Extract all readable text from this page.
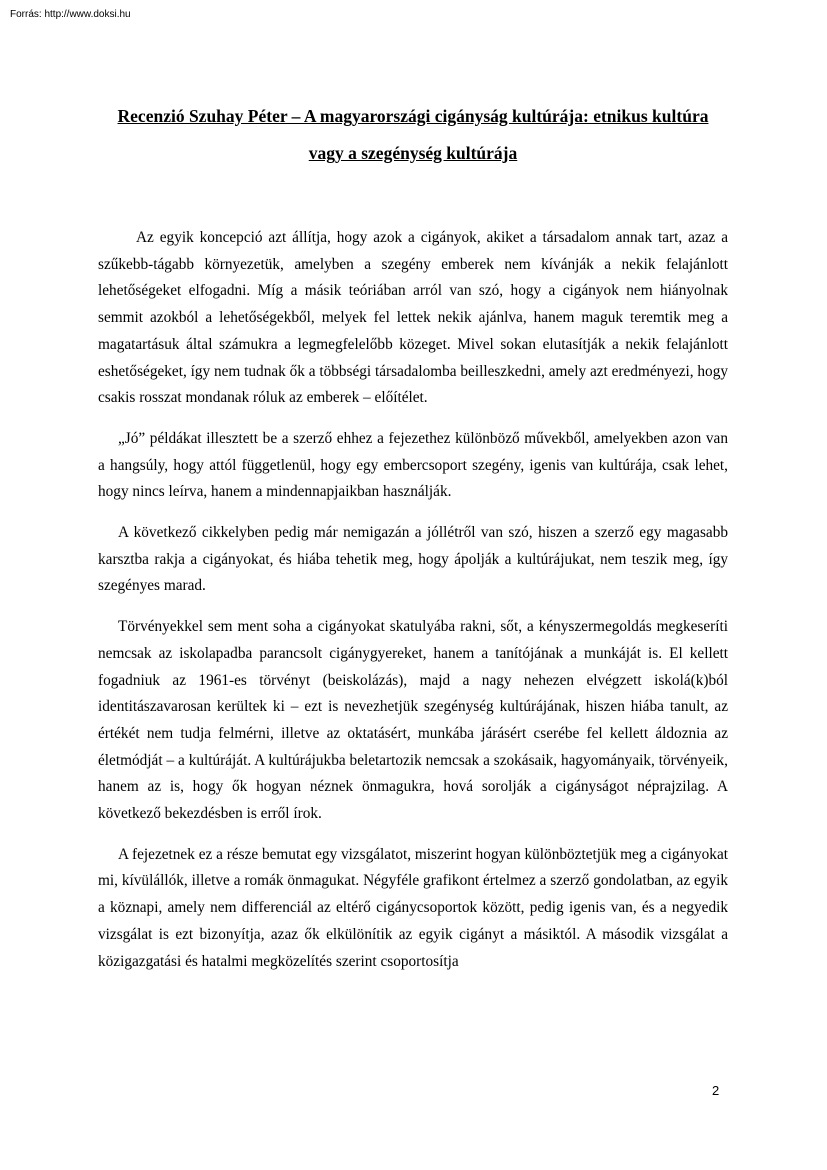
Forrás: http://www.doksi.hu

Recenzió Szuhay Péter – A magyarországi cigányság kultúrája: etnikus kultúra vagy a szegénység kultúrája

Az egyik koncepció azt állítja, hogy azok a cigányok, akiket a társadalom annak tart, azaz a szűkebb-tágabb környezetük, amelyben a szegény emberek nem kívánják a nekik felajánlott lehetőségeket elfogadni. Míg a másik teóriában arról van szó, hogy a cigányok nem hiányolnak semmit azokból a lehetőségekből, melyek fel lettek nekik ajánlva, hanem maguk teremtik meg a magatartásuk által számukra a legmegfelelőbb közeget. Mivel sokan elutasítják a nekik felajánlott eshetőségeket, így nem tudnak ők a többségi társadalomba beilleszkedni, amely azt eredményezi, hogy csakis rosszat mondanak róluk az emberek – előítélet.

„Jó” példákat illesztett be a szerző ehhez a fejezethez különböző művekből, amelyekben azon van a hangsúly, hogy attól függetlenül, hogy egy embercsoport szegény, igenis van kultúrája, csak lehet, hogy nincs leírva, hanem a mindennapjaikban használják.

A következő cikkelyben pedig már nemigazán a jóllétről van szó, hiszen a szerző egy magasabb karsztba rakja a cigányokat, és hiába tehetik meg, hogy ápolják a kultúrájukat, nem teszik meg, így szegényes marad.

Törvényekkel sem ment soha a cigányokat skatulyába rakni, sőt, a kényszermegoldás megkeseríti nemcsak az iskolapadba parancsolt cigánygyereket, hanem a tanítójának a munkáját is. El kellett fogadniuk az 1961-es törvényt (beiskolázás), majd a nagy nehezen elvégzett iskolá(k)ból identitászavarosan kerültek ki – ezt is nevezhetjük szegénység kultúrájának, hiszen hiába tanult, az értékét nem tudja felmérni, illetve az oktatásért, munkába járásért cserébe fel kellett áldoznia az életmódját – a kultúráját. A kultúrájukba beletartozik nemcsak a szokásaik, hagyományaik, törvényeik, hanem az is, hogy ők hogyan néznek önmagukra, hová sorolják a cigányságot néprajzilag. A következő bekezdésben is erről írok.

A fejezetnek ez a része bemutat egy vizsgálatot, miszerint hogyan különböztetjük meg a cigányokat mi, kívülállók, illetve a romák önmagukat. Négyféle grafikont értelmez a szerző gondolatban, az egyik a köznapi, amely nem differenciál az eltérő cigánycsoportok között, pedig igenis van, és a negyedik vizsgálat is ezt bizonyítja, azaz ők elkülönítik az egyik cigányt a másiktól. A második vizsgálat a közigazgatási és hatalmi megközelítés szerint csoportosítja

2
